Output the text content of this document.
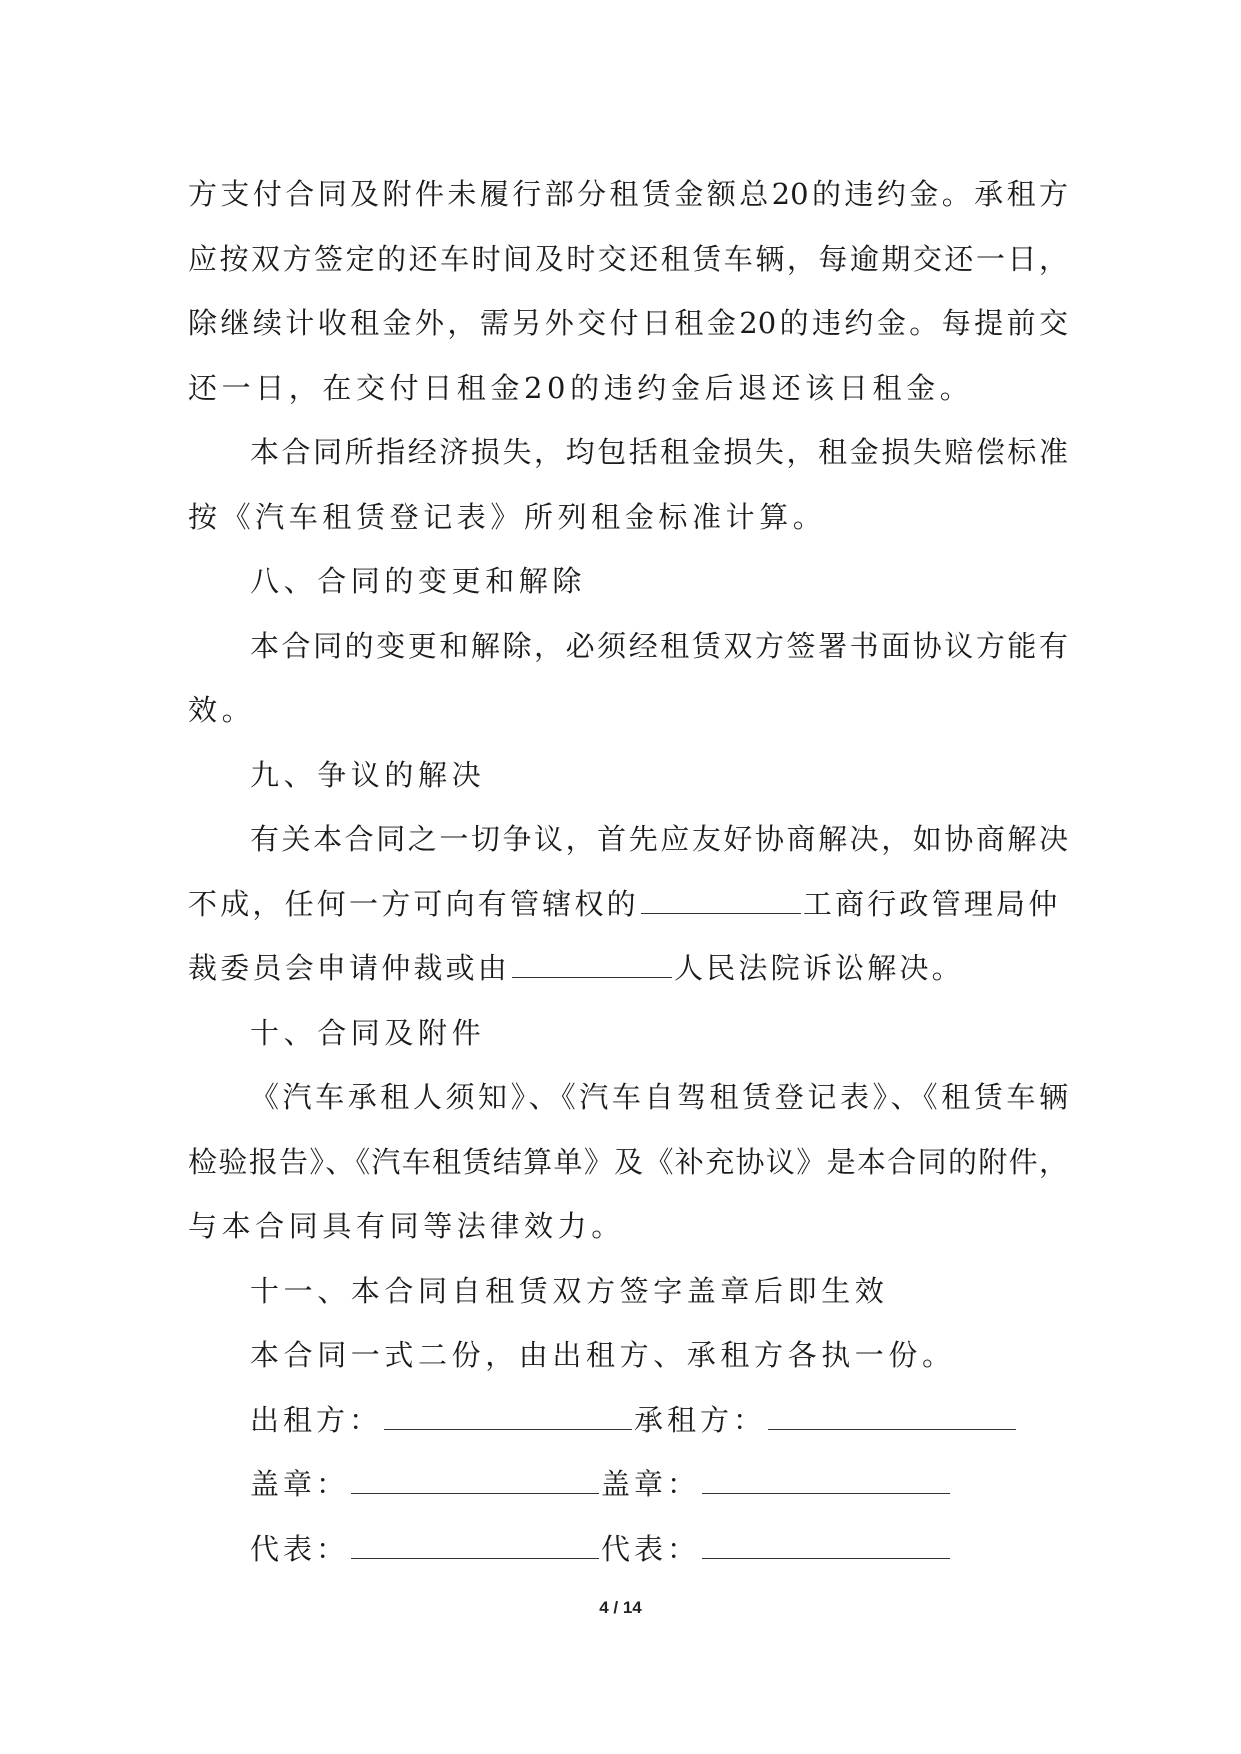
方支付合同及附件未履行部分租赁金额总20的违约金。承租方
应按双方签定的还车时间及时交还租赁车辆，每逾期交还一日，
除继续计收租金外，需另外交付日租金20的违约金。每提前交
还一日，在交付日租金20的违约金后退还该日租金。
本合同所指经济损失，均包括租金损失，租金损失赔偿标准
按《汽车租赁登记表》所列租金标准计算。
八、合同的变更和解除
本合同的变更和解除，必须经租赁双方签署书面协议方能有
效。
九、争议的解决
有关本合同之一切争议，首先应友好协商解决，如协商解决
不成，任何一方可向有管辖权的	工商行政管理局仲
裁委员会申请仲裁或由	人民法院诉讼解决。
十、合同及附件
《汽车承租人须知》、《汽车自驾租赁登记表》、《租赁车辆
检验报告》、《汽车租赁结算单》及《补充协议》是本合同的附件，
与本合同具有同等法律效力。
十一、本合同自租赁双方签字盖章后即生效
本合同一式二份，由出租方、承租方各执一份。
出租方：	承租方：
盖章：	盖章：
代表：	代表：
4 / 14
